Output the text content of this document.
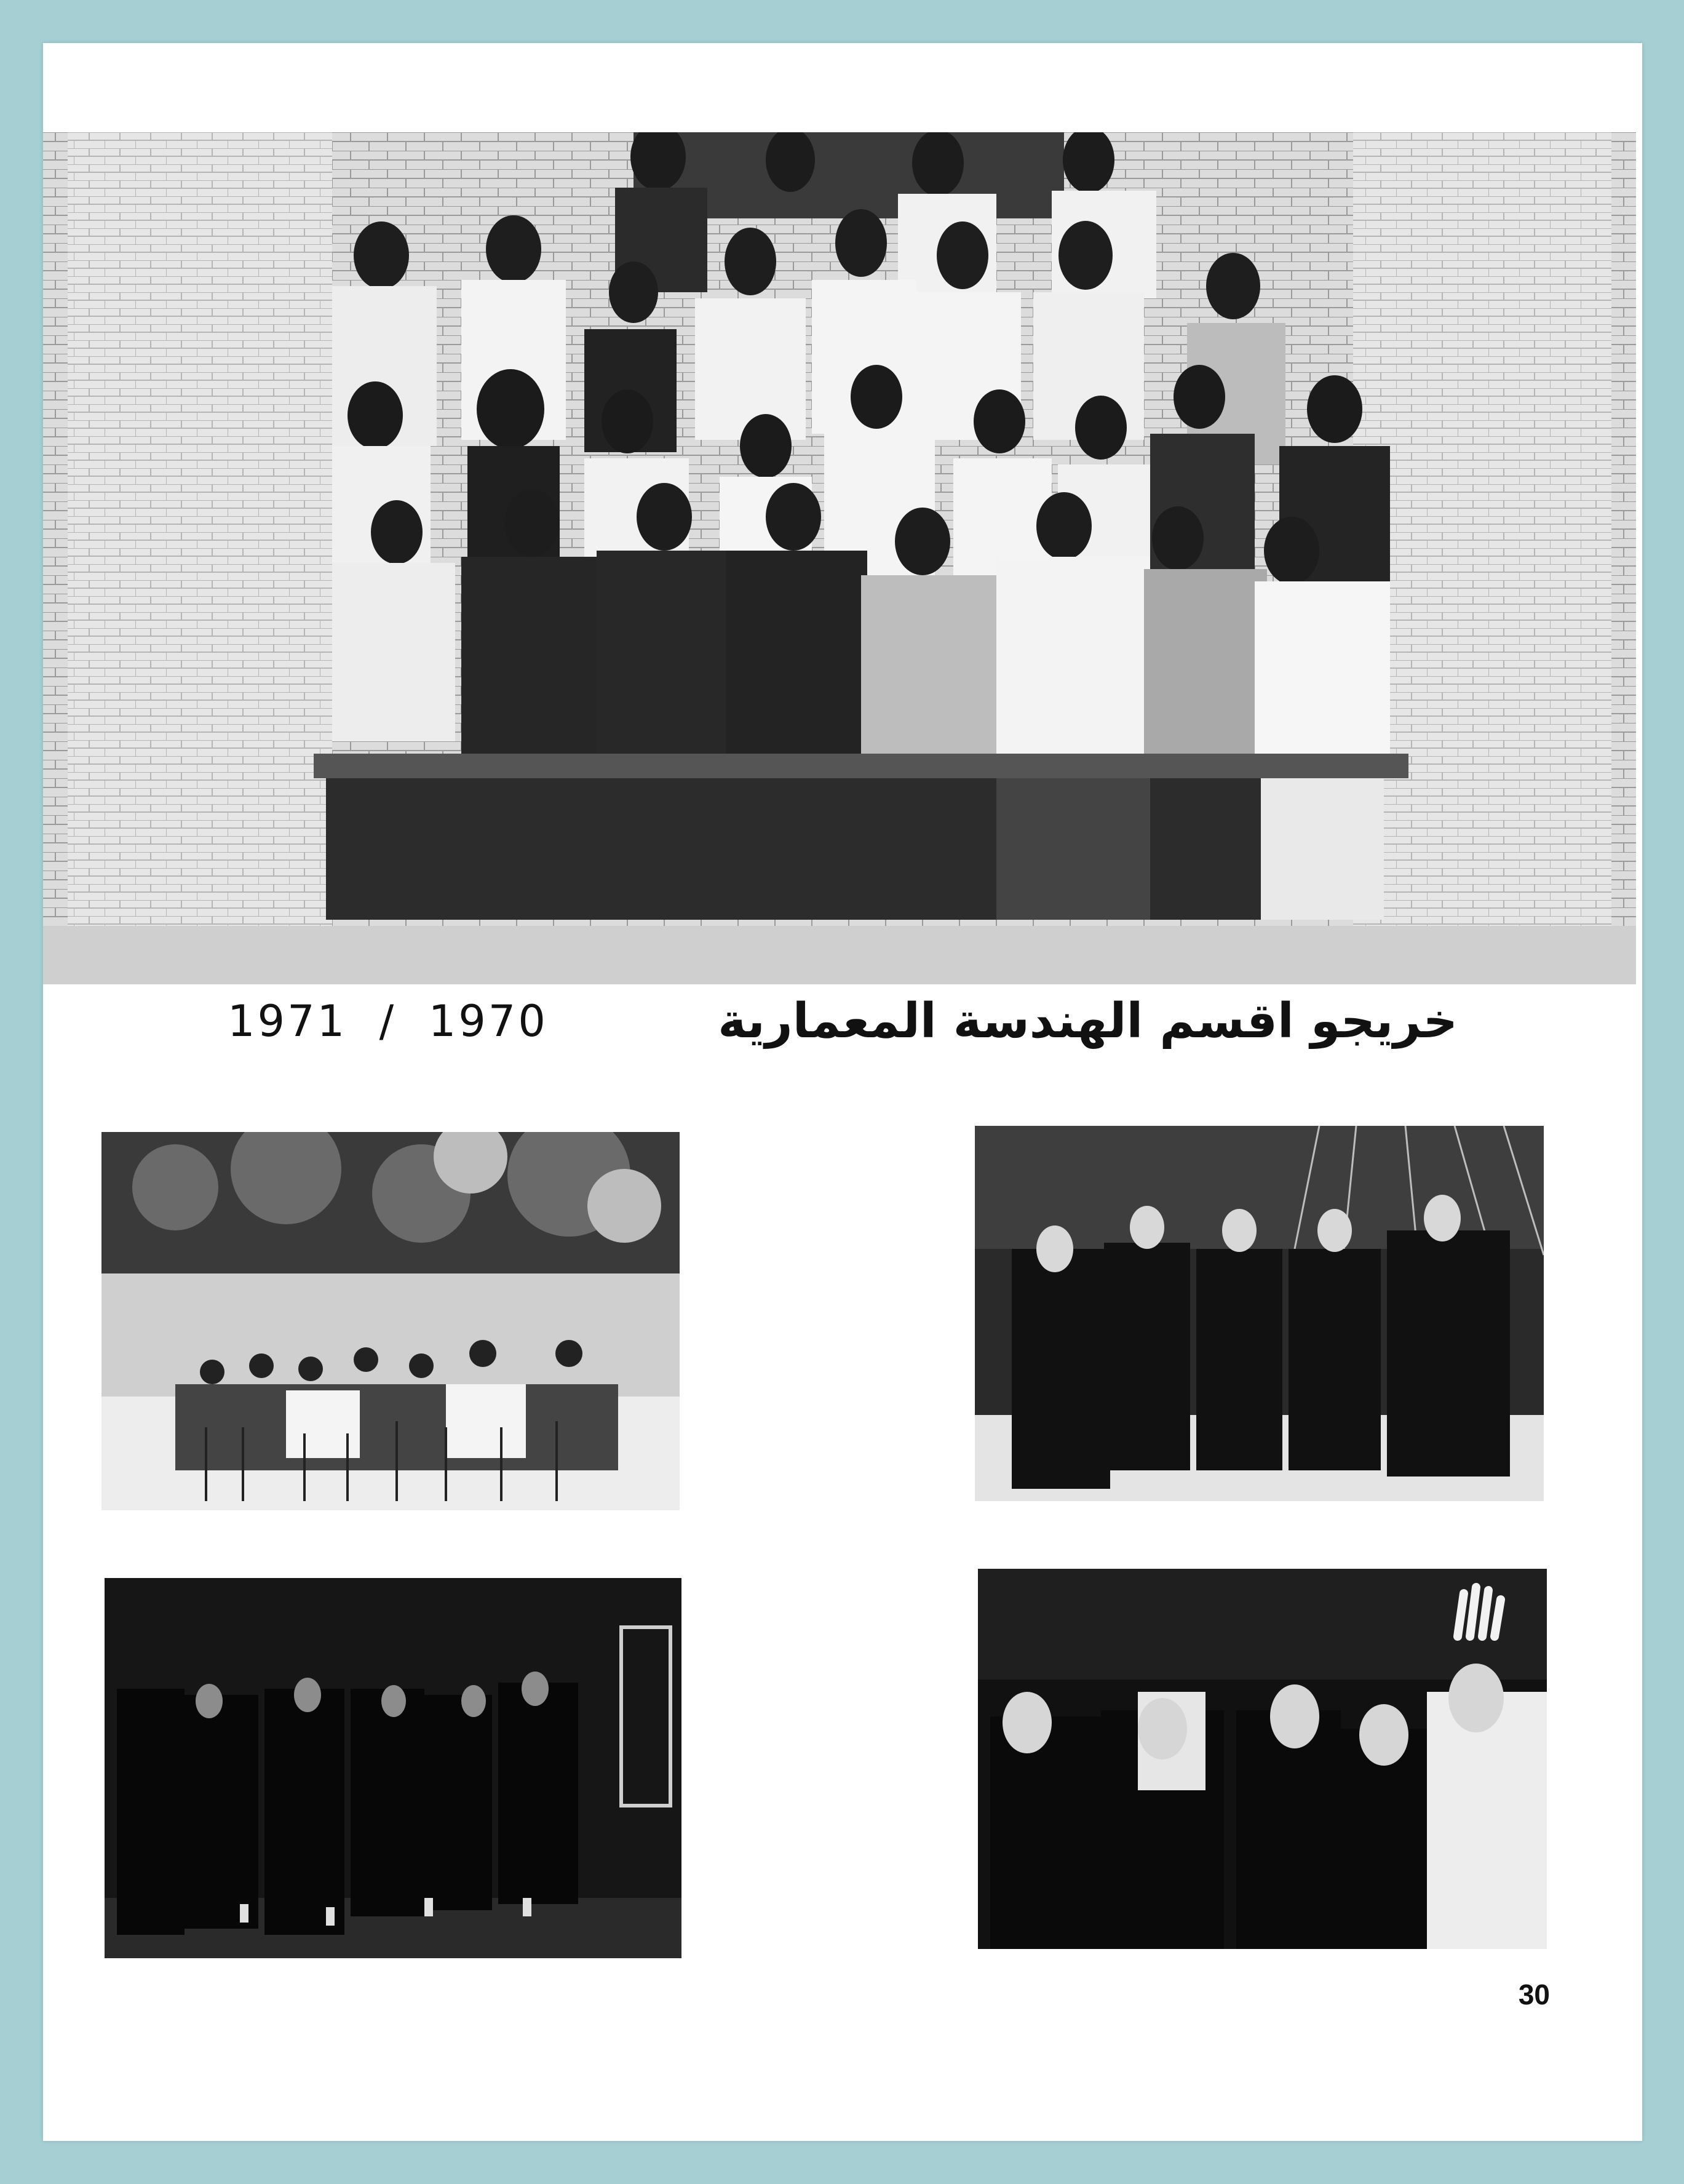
1971  /  1970	خريجو اقسم الهندسة المعمارية
30
